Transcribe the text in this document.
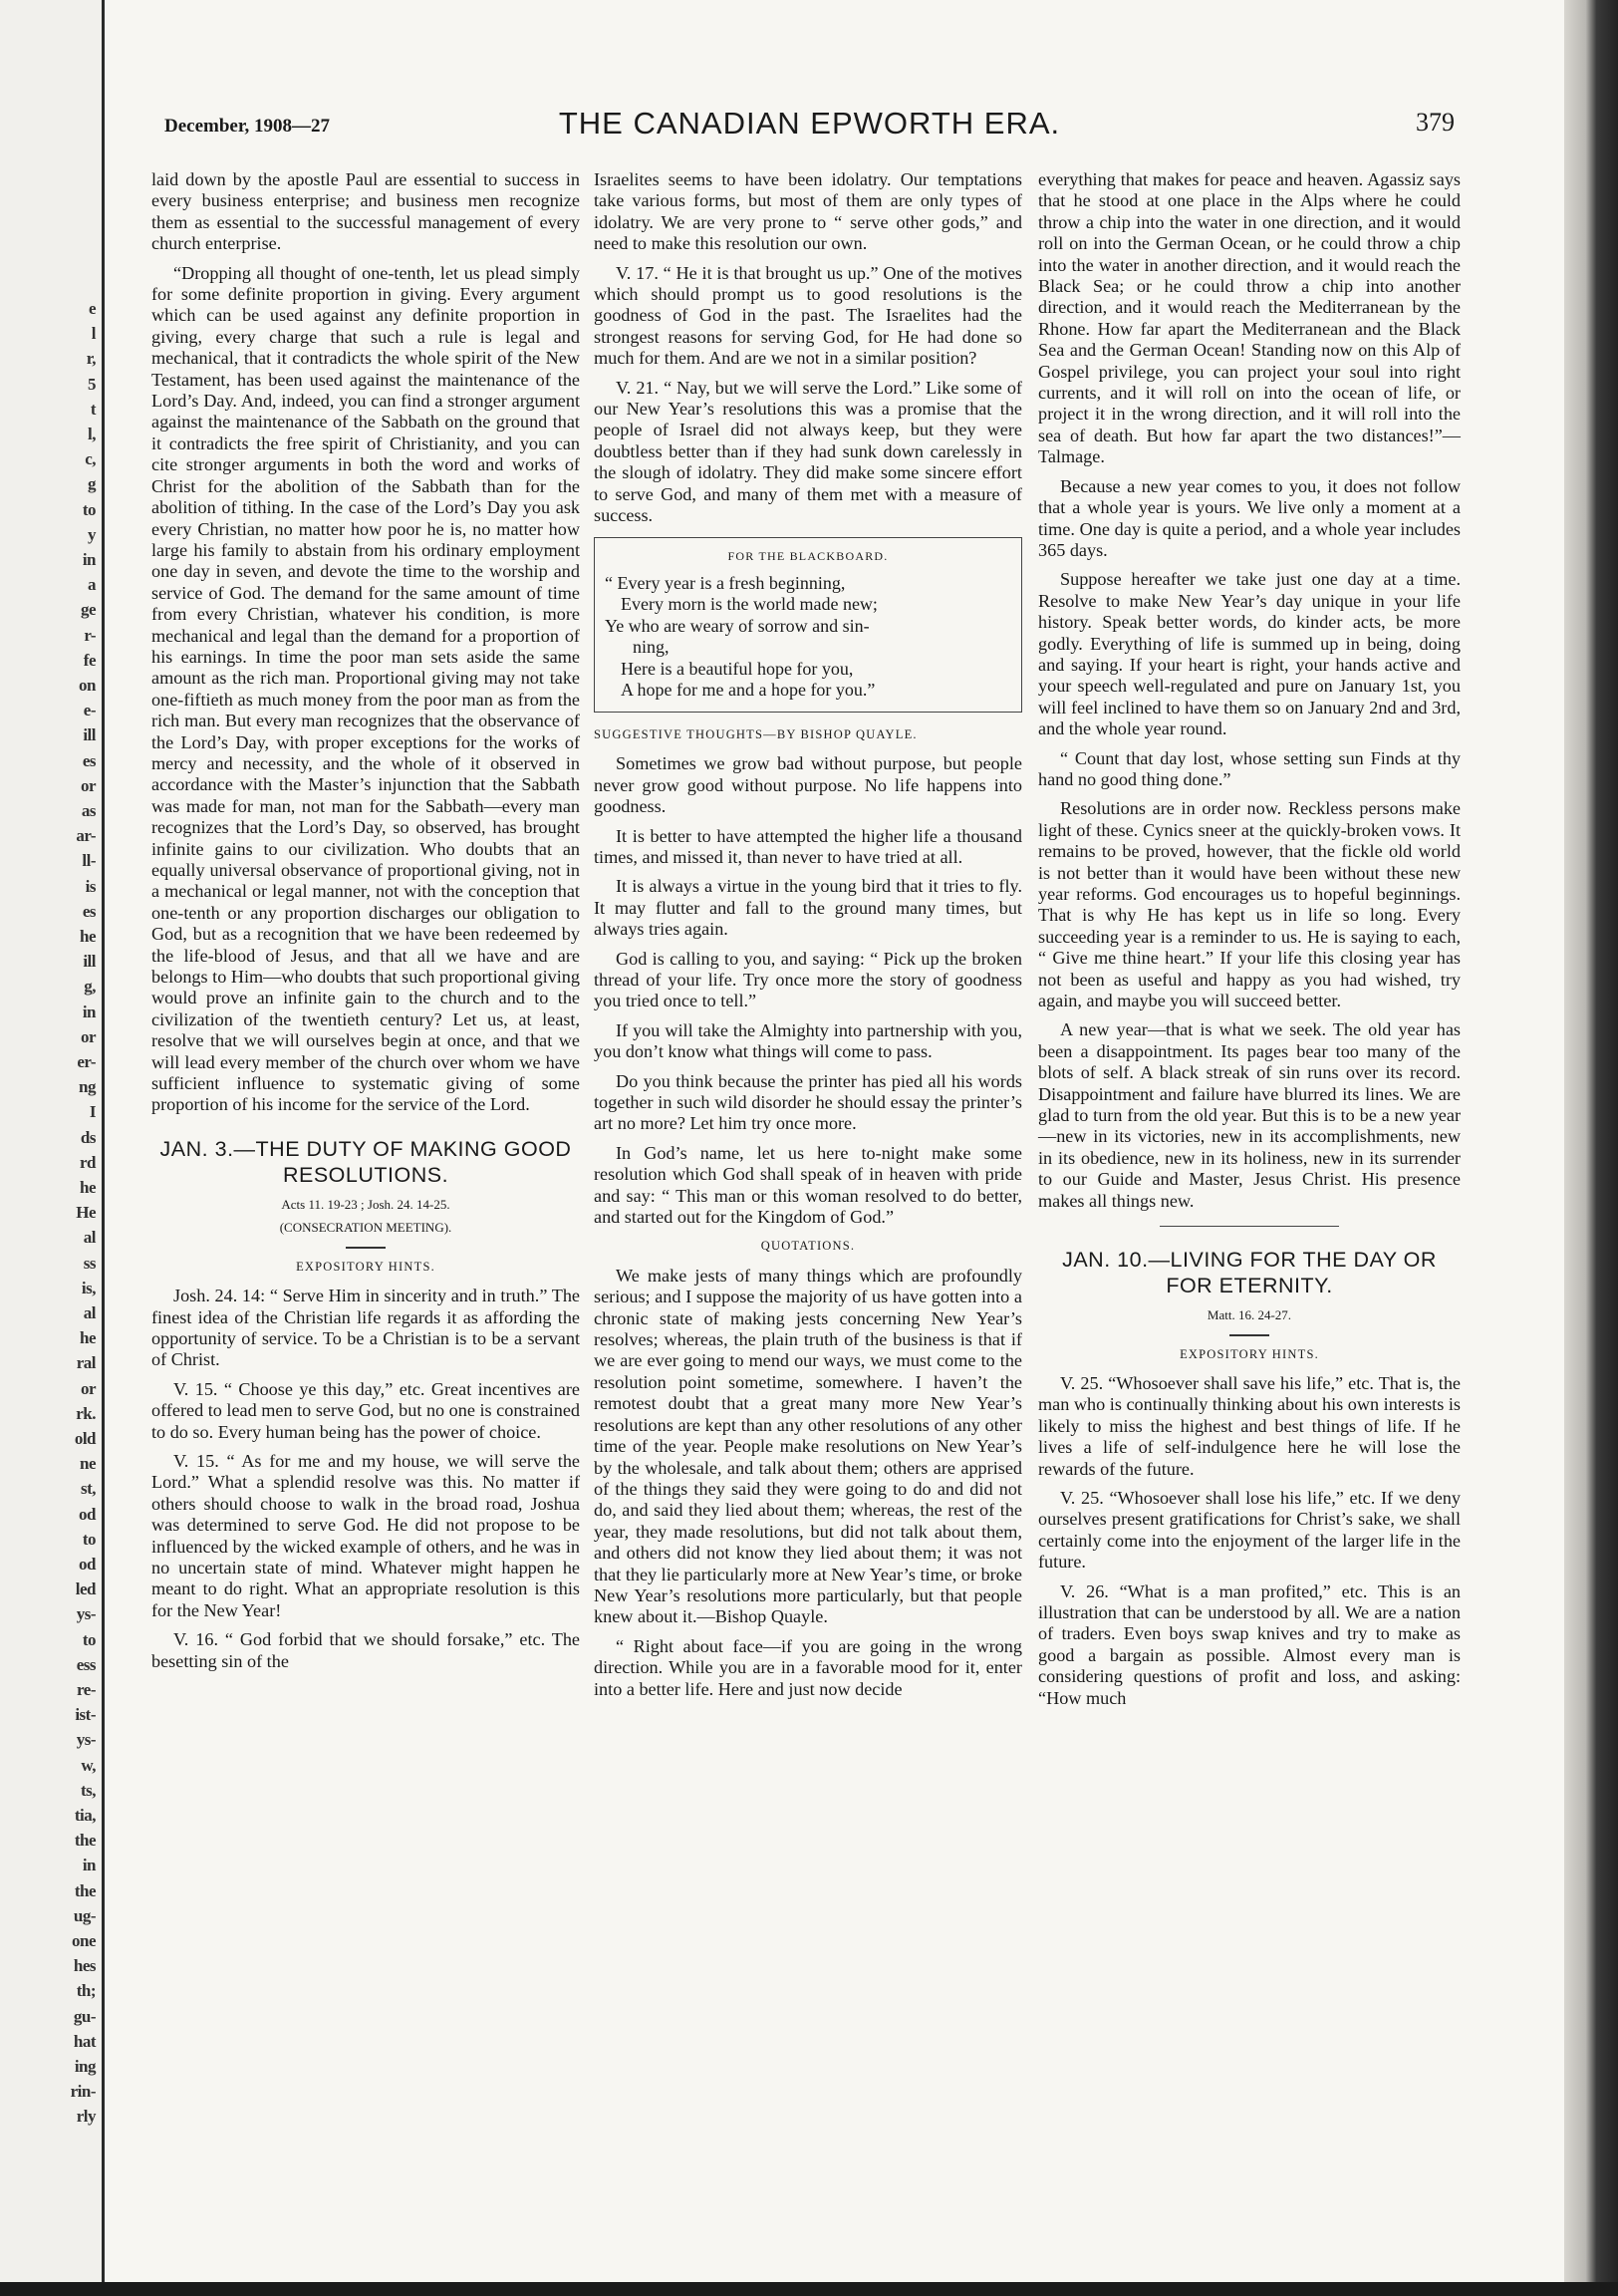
e
l
r,
5
t
l,
c,
g
to
y
in
a
ge
r-
fe
on
e-
ill
es
or
as
ar-
ll-
is
es
he
ill
g,
in
or
er-
ng
I
ds
rd
he
He
al
ss
is,
al
he
ral
or
rk.
old
ne
st,
od
to
od
led
ys-
to
ess
re-
ist-
ys-
w,
ts,
tia,
the
in
the
ug-
one
hes
th;
gu-
hat
ing
rin-
rly
December, 1908—27	THE CANADIAN EPWORTH ERA.	379

laid down by the apostle Paul are essential to success in every business enterprise; and business men recognize them as essential to the successful management of every church enterprise.

“Dropping all thought of one-tenth, let us plead simply for some definite proportion in giving. Every argument which can be used against any definite proportion in giving, every charge that such a rule is legal and mechanical, that it contradicts the whole spirit of the New Testament, has been used against the maintenance of the Lord’s Day. And, indeed, you can find a stronger argument against the maintenance of the Sabbath on the ground that it contradicts the free spirit of Christianity, and you can cite stronger arguments in both the word and works of Christ for the abolition of the Sabbath than for the abolition of tithing. In the case of the Lord’s Day you ask every Christian, no matter how poor he is, no matter how large his family to abstain from his ordinary employment one day in seven, and devote the time to the worship and service of God. The demand for the same amount of time from every Christian, whatever his condition, is more mechanical and legal than the demand for a proportion of his earnings. In time the poor man sets aside the same amount as the rich man. Proportional giving may not take one-fiftieth as much money from the poor man as from the rich man. But every man recognizes that the observance of the Lord’s Day, with proper exceptions for the works of mercy and necessity, and the whole of it observed in accordance with the Master’s injunction that the Sabbath was made for man, not man for the Sabbath—every man recognizes that the Lord’s Day, so observed, has brought infinite gains to our civilization. Who doubts that an equally universal observance of proportional giving, not in a mechanical or legal manner, not with the conception that one-tenth or any proportion discharges our obligation to God, but as a recognition that we have been redeemed by the life-blood of Jesus, and that all we have and are belongs to Him—who doubts that such proportional giving would prove an infinite gain to the church and to the civilization of the twentieth century? Let us, at least, resolve that we will ourselves begin at once, and that we will lead every member of the church over whom we have sufficient influence to systematic giving of some proportion of his income for the service of the Lord.

JAN. 3.—THE DUTY OF MAKING GOOD RESOLUTIONS.
Acts 11. 19-23 ; Josh. 24. 14-25.
(CONSECRATION MEETING).
EXPOSITORY HINTS.

Josh. 24. 14: “ Serve Him in sincerity and in truth.” The finest idea of the Christian life regards it as affording the opportunity of service. To be a Christian is to be a servant of Christ.

V. 15. “ Choose ye this day,” etc. Great incentives are offered to lead men to serve God, but no one is constrained to do so. Every human being has the power of choice.

V. 15. “ As for me and my house, we will serve the Lord.” What a splendid resolve was this. No matter if others should choose to walk in the broad road, Joshua was determined to serve God. He did not propose to be influenced by the wicked example of others, and he was in no uncertain state of mind. Whatever might happen he meant to do right. What an appropriate resolution is this for the New Year!

V. 16. “ God forbid that we should forsake,” etc. The besetting sin of the

Israelites seems to have been idolatry. Our temptations take various forms, but most of them are only types of idolatry. We are very prone to “ serve other gods,” and need to make this resolution our own.

V. 17. “ He it is that brought us up.” One of the motives which should prompt us to good resolutions is the goodness of God in the past. The Israelites had the strongest reasons for serving God, for He had done so much for them. And are we not in a similar position?

V. 21. “ Nay, but we will serve the Lord.” Like some of our New Year’s resolutions this was a promise that the people of Israel did not always keep, but they were doubtless better than if they had sunk down carelessly in the slough of idolatry. They did make some sincere effort to serve God, and many of them met with a measure of success.

FOR THE BLACKBOARD.
“ Every year is a fresh beginning,
Every morn is the world made new;
Ye who are weary of sorrow and sin-
ning,
Here is a beautiful hope for you,
A hope for me and a hope for you.”
SUGGESTIVE THOUGHTS—BY BISHOP QUAYLE.

Sometimes we grow bad without purpose, but people never grow good without purpose. No life happens into goodness.

It is better to have attempted the higher life a thousand times, and missed it, than never to have tried at all.

It is always a virtue in the young bird that it tries to fly. It may flutter and fall to the ground many times, but always tries again.

God is calling to you, and saying: “ Pick up the broken thread of your life. Try once more the story of goodness you tried once to tell.”

If you will take the Almighty into partnership with you, you don’t know what things will come to pass.

Do you think because the printer has pied all his words together in such wild disorder he should essay the printer’s art no more? Let him try once more.

In God’s name, let us here to-night make some resolution which God shall speak of in heaven with pride and say: “ This man or this woman resolved to do better, and started out for the Kingdom of God.”

QUOTATIONS.

We make jests of many things which are profoundly serious; and I suppose the majority of us have gotten into a chronic state of making jests concerning New Year’s resolves; whereas, the plain truth of the business is that if we are ever going to mend our ways, we must come to the resolution point sometime, somewhere. I haven’t the remotest doubt that a great many more New Year’s resolutions are kept than any other resolutions of any other time of the year. People make resolutions on New Year’s by the wholesale, and talk about them; others are apprised of the things they said they were going to do and did not do, and said they lied about them; whereas, the rest of the year, they made resolutions, but did not talk about them, and others did not know they lied about them; it was not that they lie particularly more at New Year’s time, or broke New Year’s resolutions more particularly, but that people knew about it.—Bishop Quayle.

“ Right about face—if you are going in the wrong direction. While you are in a favorable mood for it, enter into a better life. Here and just now decide

everything that makes for peace and heaven. Agassiz says that he stood at one place in the Alps where he could throw a chip into the water in one direction, and it would roll on into the German Ocean, or he could throw a chip into the water in another direction, and it would reach the Black Sea; or he could throw a chip into another direction, and it would reach the Mediterranean by the Rhone. How far apart the Mediterranean and the Black Sea and the German Ocean! Standing now on this Alp of Gospel privilege, you can project your soul into right currents, and it will roll on into the ocean of life, or project it in the wrong direction, and it will roll into the sea of death. But how far apart the two distances!”—Talmage.

Because a new year comes to you, it does not follow that a whole year is yours. We live only a moment at a time. One day is quite a period, and a whole year includes 365 days.

Suppose hereafter we take just one day at a time. Resolve to make New Year’s day unique in your life history. Speak better words, do kinder acts, be more godly. Everything of life is summed up in being, doing and saying. If your heart is right, your hands active and your speech well-regulated and pure on January 1st, you will feel inclined to have them so on January 2nd and 3rd, and the whole year round.

“ Count that day lost, whose setting sun Finds at thy hand no good thing done.”

Resolutions are in order now. Reckless persons make light of these. Cynics sneer at the quickly-broken vows. It remains to be proved, however, that the fickle old world is not better than it would have been without these new year reforms. God encourages us to hopeful beginnings. That is why He has kept us in life so long. Every succeeding year is a reminder to us. He is saying to each, “ Give me thine heart.” If your life this closing year has not been as useful and happy as you had wished, try again, and maybe you will succeed better.

A new year—that is what we seek. The old year has been a disappointment. Its pages bear too many of the blots of self. A black streak of sin runs over its record. Disappointment and failure have blurred its lines. We are glad to turn from the old year. But this is to be a new year—new in its victories, new in its accomplishments, new in its obedience, new in its holiness, new in its surrender to our Guide and Master, Jesus Christ. His presence makes all things new.

JAN. 10.—LIVING FOR THE DAY OR FOR ETERNITY.
Matt. 16. 24-27.
EXPOSITORY HINTS.

V. 25. “Whosoever shall save his life,” etc. That is, the man who is continually thinking about his own interests is likely to miss the highest and best things of life. If he lives a life of self-indulgence here he will lose the rewards of the future.

V. 25. “Whosoever shall lose his life,” etc. If we deny ourselves present gratifications for Christ’s sake, we shall certainly come into the enjoyment of the larger life in the future.

V. 26. “What is a man profited,” etc. This is an illustration that can be understood by all. We are a nation of traders. Even boys swap knives and try to make as good a bargain as possible. Almost every man is considering questions of profit and loss, and asking: “How much
